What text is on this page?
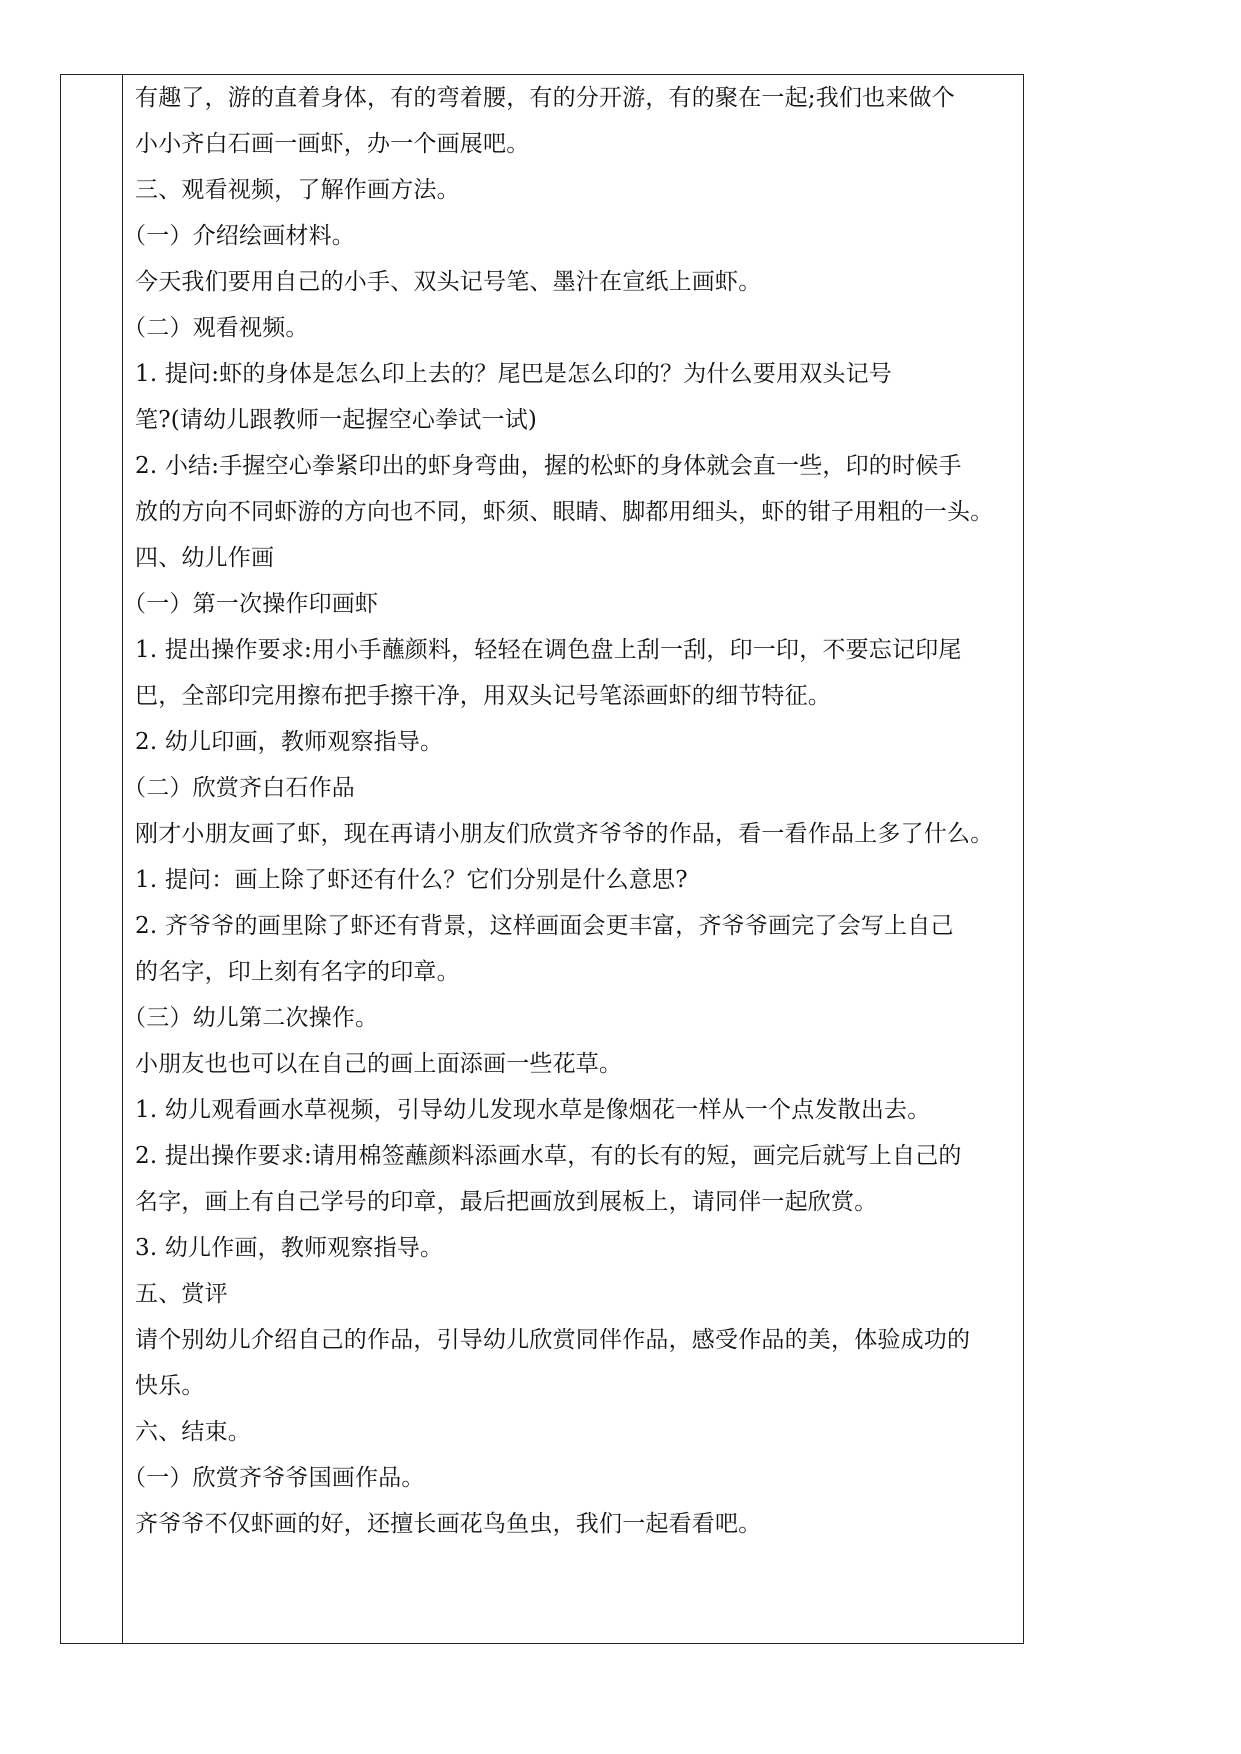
有趣了，游的直着身体，有的弯着腰，有的分开游，有的聚在一起;我们也来做个
小小齐白石画一画虾，办一个画展吧。
三、观看视频，了解作画方法。
（一）介绍绘画材料。
今天我们要用自己的小手、双头记号笔、墨汁在宣纸上画虾。
（二）观看视频。
1. 提问:虾的身体是怎么印上去的？尾巴是怎么印的？为什么要用双头记号
笔?(请幼儿跟教师一起握空心拳试一试)
2. 小结:手握空心拳紧印出的虾身弯曲，握的松虾的身体就会直一些，印的时候手
放的方向不同虾游的方向也不同，虾须、眼睛、脚都用细头，虾的钳子用粗的一头。
四、幼儿作画
（一）第一次操作印画虾
1. 提出操作要求:用小手蘸颜料，轻轻在调色盘上刮一刮，印一印，不要忘记印尾
巴，全部印完用擦布把手擦干净，用双头记号笔添画虾的细节特征。
2. 幼儿印画，教师观察指导。
（二）欣赏齐白石作品
刚才小朋友画了虾，现在再请小朋友们欣赏齐爷爷的作品，看一看作品上多了什么。
1. 提问：画上除了虾还有什么？它们分别是什么意思?
2. 齐爷爷的画里除了虾还有背景，这样画面会更丰富，齐爷爷画完了会写上自己
的名字，印上刻有名字的印章。
（三）幼儿第二次操作。
小朋友也也可以在自己的画上面添画一些花草。
1. 幼儿观看画水草视频，引导幼儿发现水草是像烟花一样从一个点发散出去。
2. 提出操作要求:请用棉签蘸颜料添画水草，有的长有的短，画完后就写上自己的
名字，画上有自己学号的印章，最后把画放到展板上，请同伴一起欣赏。
3. 幼儿作画，教师观察指导。
五、赏评
请个别幼儿介绍自己的作品，引导幼儿欣赏同伴作品，感受作品的美，体验成功的
快乐。
六、结束。
（一）欣赏齐爷爷国画作品。
齐爷爷不仅虾画的好，还擅长画花鸟鱼虫，我们一起看看吧。
